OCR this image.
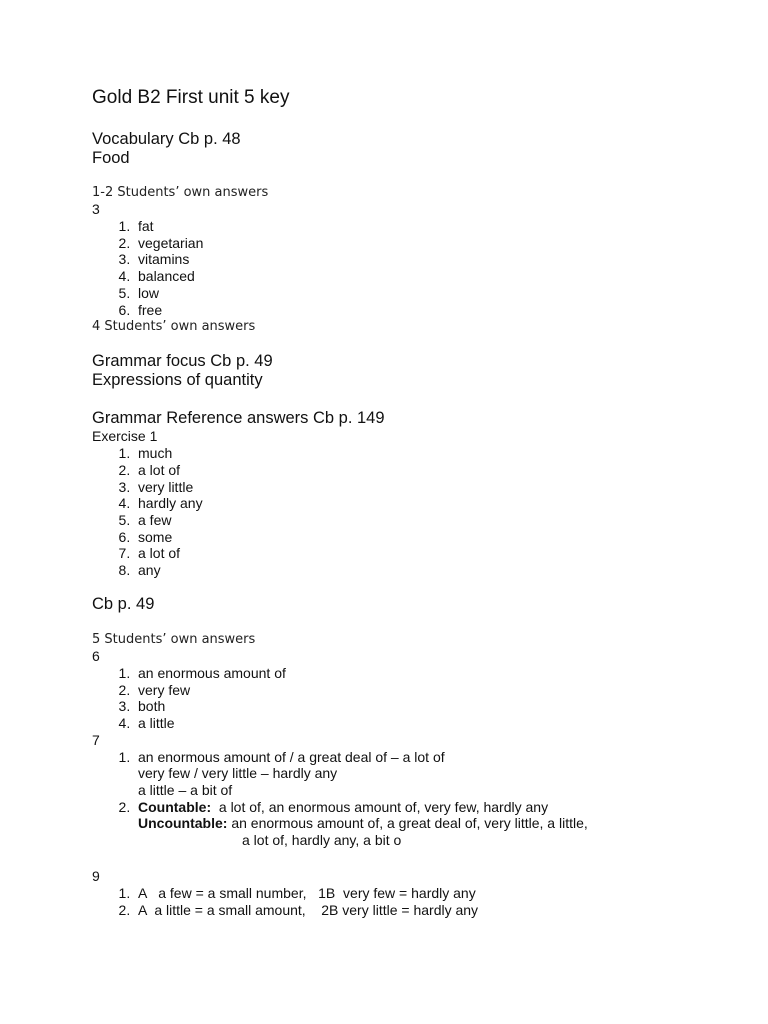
Gold B2 First unit 5 key

Vocabulary Cb p. 48

Food

1-2 Students’ own answers

3

1. fat
2. vegetarian
3. vitamins
4. balanced
5. low
6. free

4 Students’ own answers

Grammar focus Cb p. 49

Expressions of quantity

Grammar Reference answers Cb p. 149

Exercise 1

1. much
2. a lot of
3. very little
4. hardly any
5. a few
6. some
7. a lot of
8. any

Cb p. 49

5 Students’ own answers

6

1. an enormous amount of
2. very few
3. both
4. a little

7

1. an enormous amount of / a great deal of – a lot of
very few / very little – hardly any
a little – a bit of
2. Countable:  a lot of, an enormous amount of, very few, hardly any
Uncountable: an enormous amount of, a great deal of, very little, a little,
a lot of, hardly any, a bit o

9

1. A   a few = a small number,   1B  very few = hardly any
2. A  a little = a small amount,    2B very little = hardly any
